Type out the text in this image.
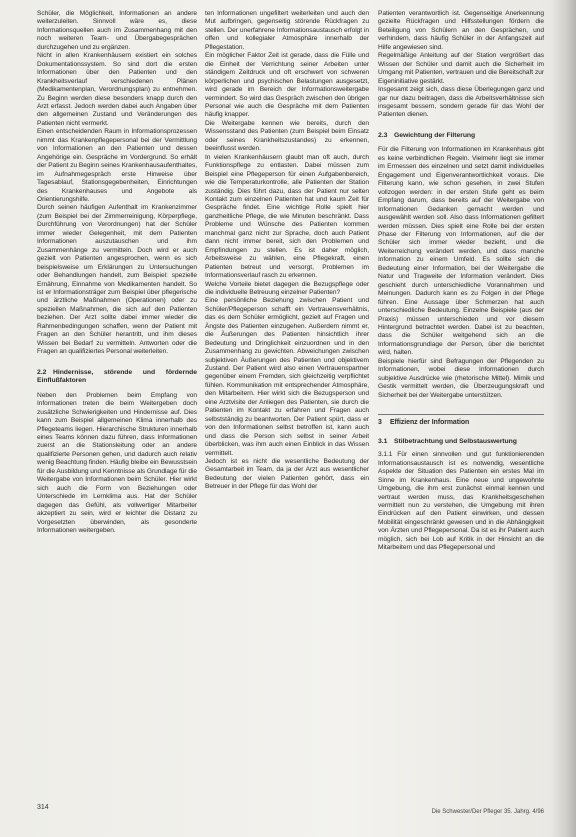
Schüler, die Möglichkeit, Informationen an andere weiterzuleiten. Sinnvoll wäre es, diese Informationsquellen auch im Zusammenhang mit den noch weiteren Team- und Übergabegesprächen durchzugehen und zu ergänzen.

Nicht in allen Krankenhäusern existiert ein solches Dokumentationssystem. So sind dort die ersten Informationen über den Patienten und den Krankheitsverlauf verschiedenen Plänen (Medikamentenplan, Verordnungsplan) zu entnehmen. Zu Beginn werden diese besonders knapp durch den Arzt erfasst. Jedoch werden dabei auch Angaben über den allgemeinen Zustand und Veränderungen des Patienten nicht vermerkt.

Einen entscheidenden Raum in Informationsprozessen nimmt das Krankenpflegepersonal bei der Vermittlung von Informationen an den Patienten und dessen Angehörige ein. Gespräche im Vordergrund. So erhält der Patient zu Beginn seines Krankenhausaufenthaltes, im Aufnahmegespräch erste Hinweise über Tagesablauf, Stationsgegebenheiten, Einrichtungen des Krankenhauses und Angebote als Orientierungshilfe.

Durch seinen häufigen Aufenthalt im Krankenzimmer (zum Beispiel bei der Zimmerreinigung, Körperpflege, Durchführung von Verordnungen) hat der Schüler immer wieder Gelegenheit, mit dem Patienten Informationen auszutauschen und ihm Zusammenhänge zu vermitteln. Doch wird er auch gezielt von Patienten angesprochen, wenn es sich beispielsweise um Erklärungen zu Untersuchungen oder Behandlungen handelt, zum Beispiel: spezielle Ernährung, Einnahme von Medikamenten handelt. So ist er Informationsträger zum Beispiel über pflegerische und ärztliche Maßnahmen (Operationen) oder zu speziellen Maßnahmen, die sich auf den Patienten beziehen. Der Arzt sollte dabei immer wieder die Rahmenbedingungen schaffen, wenn der Patient mit Fragen an den Schüler herantritt, und ihm dieses Wissen bei Bedarf zu vermitteln. Antworten oder die Fragen an qualifiziertes Personal weiterleiten.

2.2 Hindernisse, störende und fördernde Einflußfaktoren

Neben den Problemen beim Empfang von Informationen treten die beim Weitergeben doch zusätzliche Schwierigkeiten und Hindernisse auf. Dies kann zum Beispiel allgemeinen Klima innerhalb des Pflegeteams liegen. Hierarchische Strukturen innerhalb eines Teams können dazu führen, dass Informationen zuerst an die Stationsleitung oder an andere qualifizierte Personen gehen, und dadurch auch relativ wenig Beachtung finden. Häufig bleibe ein Bewusstsein für die Ausbildung und Kenntnisse als Grundlage für die Weitergabe von Informationen beim Schüler. Hier wirkt sich auch die Form von Beziehungen oder Unterschiede im Lernklima aus. Hat der Schüler dagegen das Gefühl, als vollwertiger Mitarbeiter akzeptiert zu sein, wird er leichter die Distanz zu Vorgesetzten überwinden, als gesonderte Informationen weitergeben.

ten Informationen ungefiltert weiterleiten und auch den Mut aufbringen, gegenseitig störende Rückfragen zu stellen. Der unerfahrene Informationsaustausch erfolgt in offen und kollegialer Atmosphäre innerhalb der Pflegestation.

Ein möglicher Faktor Zeit ist gerade, dass die Fülle und die Einheit der Verrichtung seiner Arbeiten unter ständigem Zeitdruck und oft erschwert von schweren körperlichen und psychischen Belastungen ausgesetzt, wird gerade im Bereich der Informationsweitergabe vermindert. So wird das Gespräch zwischen den übrigen Personal wie auch die Gespräche mit dem Patienten häufig knapper.

Die Weitergabe kennen wie bereits, durch den Wissensstand des Patienten (zum Beispiel beim Einsatz oder seines Krankheitszustandes) zu erkennen, beeinflusst werden.

In vielen Krankenhäusern glaubt man oft auch, durch Funktionspflege zu entlasten. Dabei müssen zum Beispiel eine Pflegeperson für einen Aufgabenbereich, wie die Temperaturkontrolle, alle Patienten der Station zuständig. Dies führt dazu, dass der Patient nur selten Kontakt zum einzelnen Patienten hat und kaum Zeit für Gespräche findet. Eine wichtige Rolle spielt hier ganzheitliche Pflege, die wie Minuten beschränkt. Dass Probleme und Wünsche des Patienten kommen manchmal ganz nicht zur Sprache, doch auch Patient dann nicht immer bereit, sich den Problemen und Empfindungen zu stellen. Es ist daher möglich, Arbeitsweise zu wählen, eine Pflegekraft, einen Patienten betreut und versorgt, Problemen im Informationsverlauf rasch zu erkennen.

Welche Vorteile bietet dagegen die Bezugspflege oder die individuelle Betreuung einzelner Patienten?

Eine persönliche Beziehung zwischen Patient und Schüler/Pflegeperson schafft ein Vertrauensverhältnis, das es dem Schüler ermöglicht, gezielt auf Fragen und Ängste des Patienten einzugehen. Außerdem nimmt er, die Äußerungen des Patienten hinsichtlich ihrer Bedeutung und Dringlichkeit einzuordnen und in den Zusammenhang zu gewichten. Abweichungen zwischen subjektiven Äußerungen des Patienten und objektivem Zustand. Der Patient wird also einen Vertrauenspartner gegenüber einem Fremden, sich gleichzeitig verpflichtet fühlen. Kommunikation mit entsprechender Atmosphäre, den Mitarbeitern. Hier wirkt sich die Bezugsperson und eine Arztvisite der Anliegen des Patienten, sie durch die Patienten im Kontakt zu erfahren und Fragen auch selbstständig zu beantworten. Der Patient spürt, dass er von den Informationen selbst betroffen ist, kann auch und dass die Person sich selbst in seiner Arbeit überblicken, was ihm auch einen Einblick in das Wissen vermittelt.

Jedoch ist es nicht die wesentliche Bedeutung der Gesamtarbeit im Team, da ja der Arzt aus wesentlicher Bedeutung der vielen Patienten gehört, dass ein Betreuer in der Pflege für das Wohl der

Patienten verantwortlich ist. Gegenseitige Anerkennung gezielte Rückfragen und Hilfsstellungen fördern die Beteiligung von Schülern an den Gesprächen, und verhindern, dass häufig Schüler in der Anfangszeit auf Hilfe angewiesen sind.

Regelmäßige Anleitung auf der Station vergrößert das Wissen der Schüler und damit auch die Sicherheit im Umgang mit Patienten, vertrauen und die Bereitschaft zur Eigeninitiative gestärkt.

Insgesamt zeigt sich, dass diese Überlegungen ganz und gar nur dazu beitragen, dass die Arbeitsverhältnisse sich insgesamt bessern, sondern gerade für das Wohl der Patienten dienen.

2.3 Gewichtung der Filterung

Für die Filterung von Informationen im Krankenhaus gibt es keine verbindlichen Regeln. Vielmehr liegt sie immer im Ermessen des einzelnen und setzt damit individuelles Engagement und Eigenverantwortlichkeit voraus. Die Filterung kann, wie schon gesehen, in zwei Stufen vollzogen werden: in der ersten Stufe geht es beim Empfang darum, dass bereits auf der Weitergabe von Informationen Gedanken gemacht werden und ausgewählt werden soll. Also dass Informationen gefiltert werden müssen. Dies spielt eine Rolle bei der ersten Phase der Filterung von Informationen, auf die der Schüler sich immer wieder bezieht, und die Weiterreichung verändert werden, und dass manche Information zu einem Umfeld. Es sollte sich die Bedeutung einer Information, bei der Weitergabe die Natur und Tragweite der Information verändert. Dies geschieht durch unterschiedliche Vorannahmen und Meinungen. Dadurch kann es zu Folgen in der Pflege führen. Eine Aussage über Schmerzen hat auch unterschiedliche Bedeutung. Einzelne Beispiele (aus der Praxis) müssen unterschieden und vor diesem Hintergrund betrachtet werden. Dabei ist zu beachten, dass die Schüler weitgehend sich an die Informationsgrundlage der Person, über die berichtet wird, halten.

Beispiele hierfür sind Befragungen der Pflegenden zu Informationen, wobei diese Informationen durch subjektive Ausdrücke wie (rhetorische Mittel). Mimik und Gestik vermittelt werden, die Überzeugungskraft und Sicherheit bei der Weitergabe unterstützen.

3 Effizienz der Information
3.1 Stilbetrachtung und Selbstauswertung

3.1.1 Für einen sinnvollen und gut funktionierenden Informationsaustausch ist es notwendig, wesentliche Aspekte der Situation des Patienten ein erstes Mal im Sinne im Krankenhaus. Eine neue und ungewohnte Umgebung, die ihm erst zunächst einmal kennen und vertraut werden muss, das Krankheitsgeschehen vermittelt nun zu verstehen, die Umgebung mit ihren Eindrücken auf den Patient einwirken, und dessen Mobilität eingeschränkt gewesen und in die Abhängigkeit von Ärzten und Pflegepersonal. Da ist es ihr Patient auch möglich, sich bei Lob auf Kritik in der Hinsicht an die Mitarbeitern und das Pflegepersonal und

314
Die Schwester/Der Pfleger 35. Jahrg. 4/96
